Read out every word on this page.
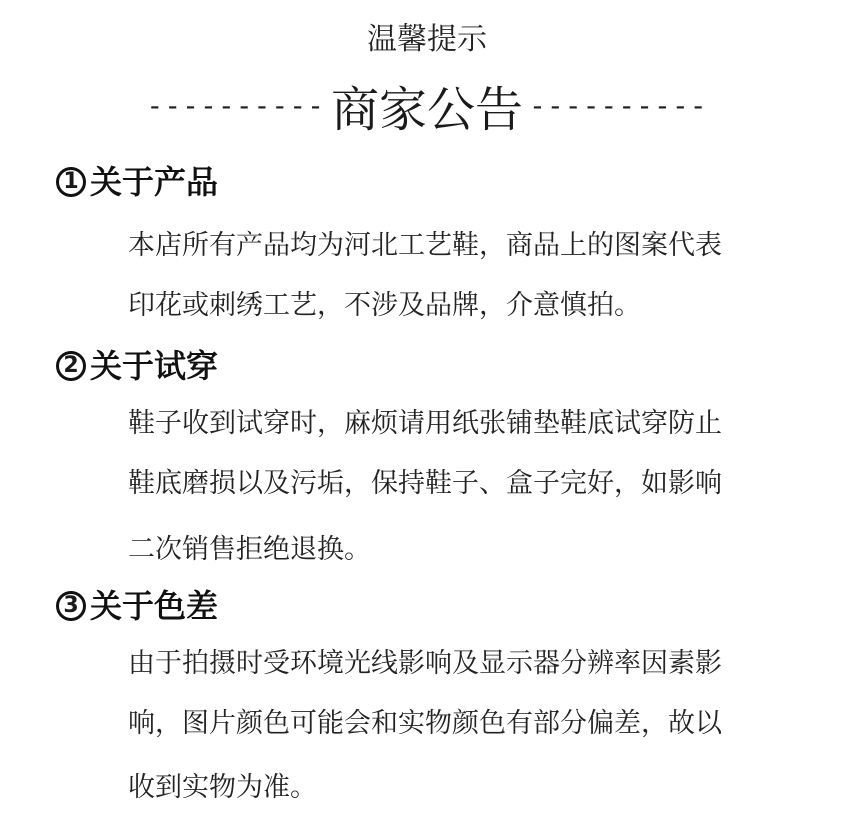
温馨提示
---------- 商家公告 ----------
1 关于产品
本店所有产品均为河北工艺鞋，商品上的图案代表
印花或刺绣工艺，不涉及品牌，介意慎拍。
2 关于试穿
鞋子收到试穿时，麻烦请用纸张铺垫鞋底试穿防止
鞋底磨损以及污垢，保持鞋子、盒子完好，如影响
二次销售拒绝退换。
3 关于色差
由于拍摄时受环境光线影响及显示器分辨率因素影
响，图片颜色可能会和实物颜色有部分偏差，故以
收到实物为准。
